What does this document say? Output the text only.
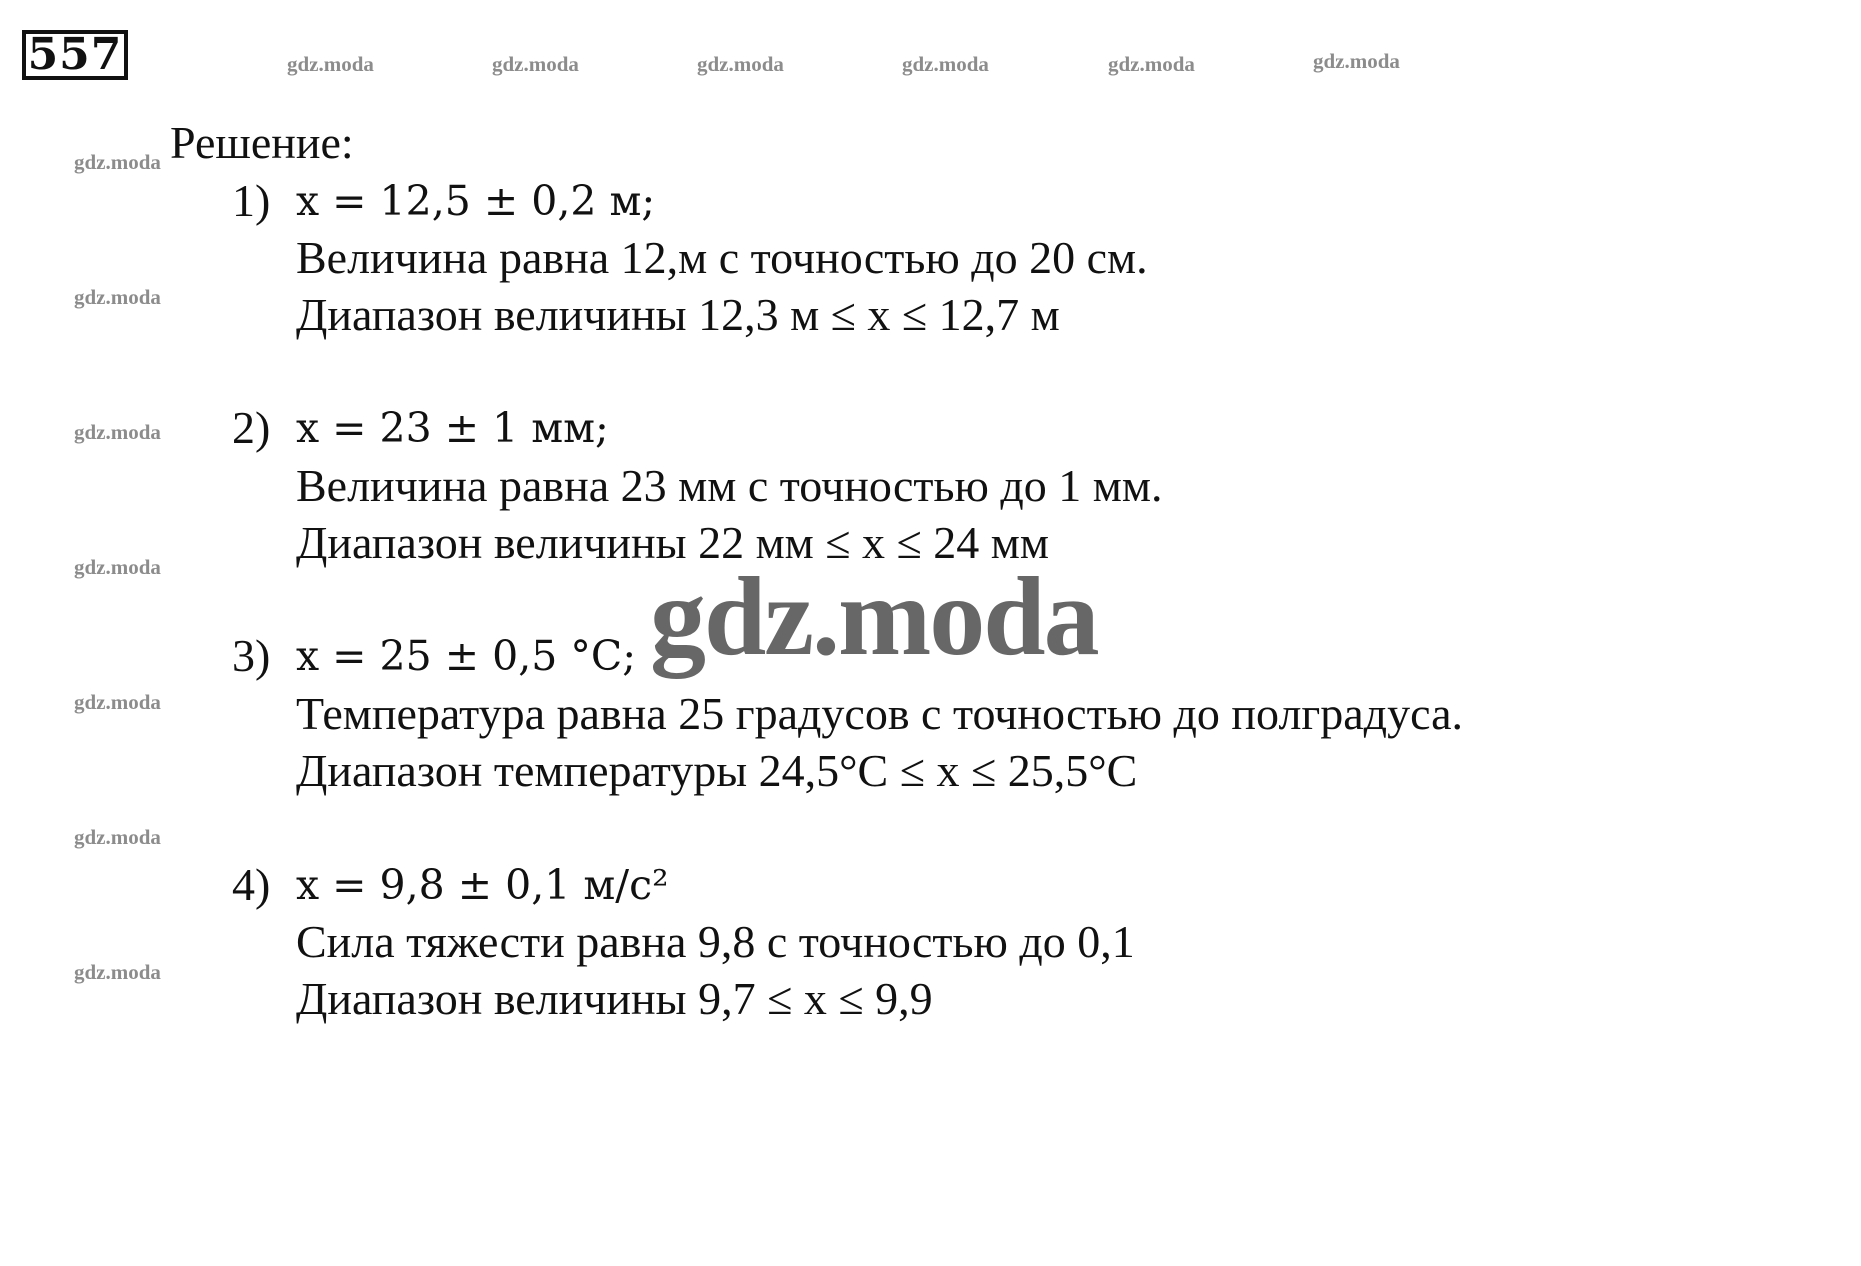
557	gdz.moda	gdz.moda	gdz.moda	gdz.moda	gdz.moda	gdz.moda
gdz.moda
gdz.moda
gdz.moda
gdz.moda
gdz.moda
gdz.moda
gdz.moda
Решение:
1) x = 12,5 ± 0,2 м;
Величина равна 12,м с точностью до 20 см.
Диапазон величины 12,3 м ≤ x ≤ 12,7 м
2) x = 23 ± 1 мм;
Величина равна 23 мм с точностью до 1 мм.
Диапазон величины 22 мм ≤ x ≤ 24 мм
3) x = 25 ± 0,5 °C;
Температура равна 25 градусов с точностью до полградуса.
Диапазон температуры 24,5°C ≤ x ≤ 25,5°C
4) x = 9,8 ± 0,1 м/с²
Сила тяжести равна 9,8 с точностью до 0,1
Диапазон величины 9,7 ≤ x ≤ 9,9
gdz.moda
